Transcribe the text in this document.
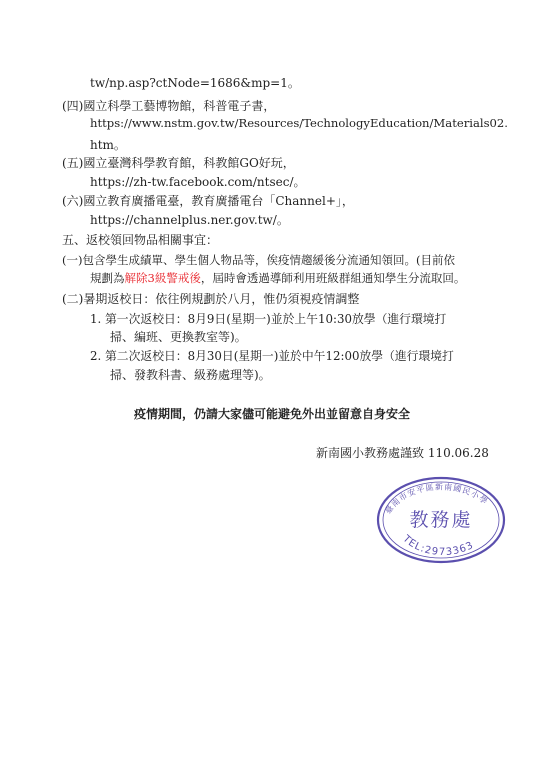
tw/np.asp?ctNode=1686&mp=1。
(四)國立科學工藝博物館，科普電子書，
https://www.nstm.gov.tw/Resources/TechnologyEducation/Materials02.
htm。
(五)國立臺灣科學教育館，科教館GO好玩，
https://zh-tw.facebook.com/ntsec/。
(六)國立教育廣播電臺，教育廣播電台「Channel+」，
https://channelplus.ner.gov.tw/。
五、返校領回物品相關事宜：
(一)包含學生成績單、學生個人物品等，俟疫情趨緩後分流通知領回。(目前依
規劃為解除3級警戒後，屆時會透過導師利用班級群組通知學生分流取回。
(二)暑期返校日：依往例規劃於八月，惟仍須視疫情調整
1. 第一次返校日：8月9日(星期一)並於上午10:30放學（進行環境打
掃、編班、更換教室等)。
2. 第二次返校日：8月30日(星期一)並於中午12:00放學（進行環境打
掃、發教科書、級務處理等)。
疫情期間，仍請大家儘可能避免外出並留意自身安全
新南國小教務處謹致 110.06.28
臺南市安平區新南國民小學
教務處
TEL:2973363
